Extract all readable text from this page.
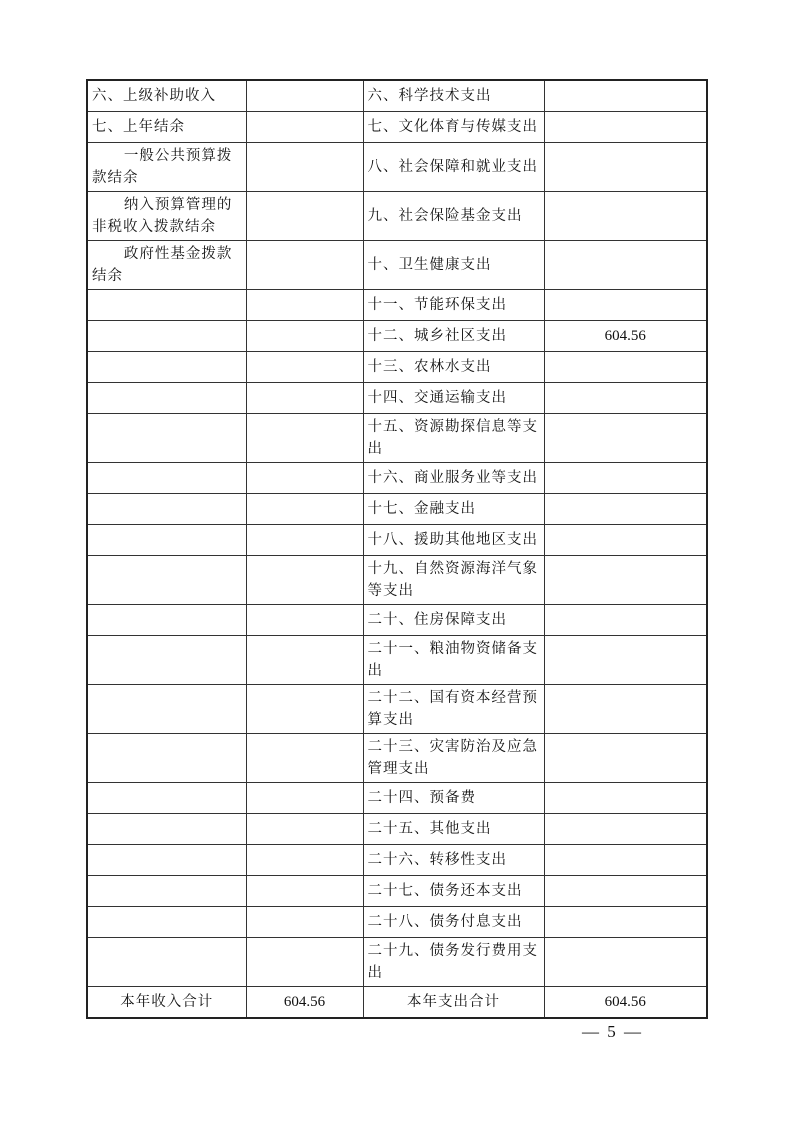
六、上级补助收入		六、科学技术支出	
七、上年结余		七、文化体育与传媒支出	
一般公共预算拨款结余		八、社会保障和就业支出	
纳入预算管理的非税收入拨款结余		九、社会保险基金支出	
政府性基金拨款结余		十、卫生健康支出	
		十一、节能环保支出	
		十二、城乡社区支出	604.56
		十三、农林水支出	
		十四、交通运输支出	
		十五、资源勘探信息等支出	
		十六、商业服务业等支出	
		十七、金融支出	
		十八、援助其他地区支出	
		十九、自然资源海洋气象等支出	
		二十、住房保障支出	
		二十一、粮油物资储备支出	
		二十二、国有资本经营预算支出	
		二十三、灾害防治及应急管理支出	
		二十四、预备费	
		二十五、其他支出	
		二十六、转移性支出	
		二十七、债务还本支出	
		二十八、债务付息支出	
		二十九、债务发行费用支出	
本年收入合计	604.56	本年支出合计	604.56
— 5 —
